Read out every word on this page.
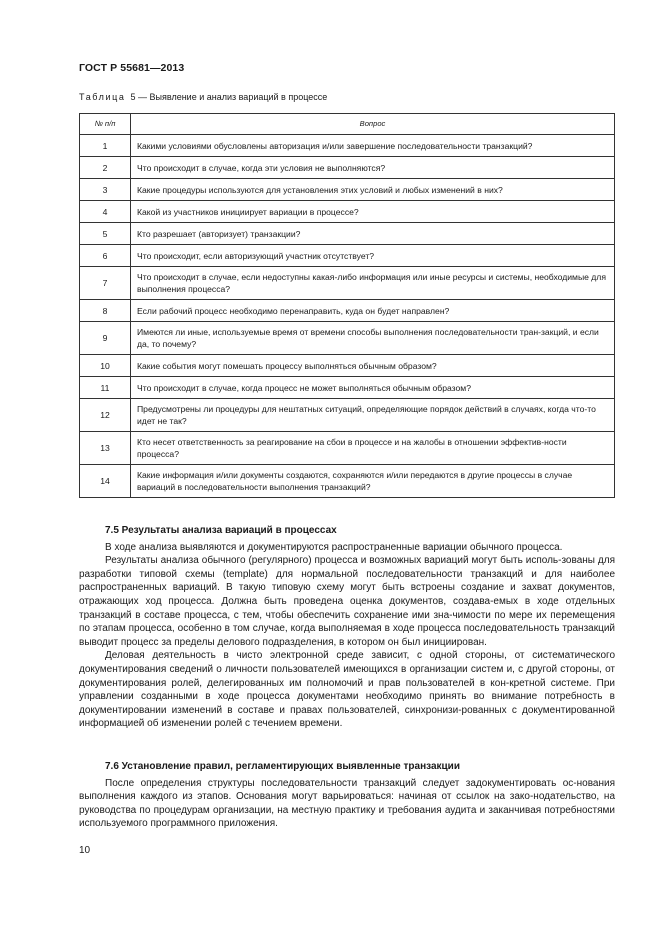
ГОСТ Р 55681—2013
Таблица 5 — Выявление и анализ вариаций в процессе
№ п/п	Вопрос
1	Какими условиями обусловлены авторизация и/или завершение последовательности транзакций?
2	Что происходит в случае, когда эти условия не выполняются?
3	Какие процедуры используются для установления этих условий и любых изменений в них?
4	Какой из участников инициирует вариации в процессе?
5	Кто разрешает (авторизует) транзакции?
6	Что происходит, если авторизующий участник отсутствует?
7	Что происходит в случае, если недоступны какая-либо информация или иные ресурсы и системы, необходимые для выполнения процесса?
8	Если рабочий процесс необходимо перенаправить, куда он будет направлен?
9	Имеются ли иные, используемые время от времени способы выполнения последовательности тран-закций, и если да, то почему?
10	Какие события могут помешать процессу выполняться обычным образом?
11	Что происходит в случае, когда процесс не может выполняться обычным образом?
12	Предусмотрены ли процедуры для нештатных ситуаций, определяющие порядок действий в случаях, когда что-то идет не так?
13	Кто несет ответственность за реагирование на сбои в процессе и на жалобы в отношении эффектив-ности процесса?
14	Какие информация и/или документы создаются, сохраняются и/или передаются в другие процессы в случае вариаций в последовательности выполнения транзакций?
7.5 Результаты анализа вариаций в процессах

В ходе анализа выявляются и документируются распространенные вариации обычного процесса.

Результаты анализа обычного (регулярного) процесса и возможных вариаций могут быть исполь-зованы для разработки типовой схемы (template) для нормальной последовательности транзакций и для наиболее распространенных вариаций. В такую типовую схему могут быть встроены создание и захват документов, отражающих ход процесса. Должна быть проведена оценка документов, создава-емых в ходе отдельных транзакций в составе процесса, с тем, чтобы обеспечить сохранение ими зна-чимости по мере их перемещения по этапам процесса, особенно в том случае, когда выполняемая в ходе процесса последовательность транзакций выводит процесс за пределы делового подразделения, в котором он был инициирован.

Деловая деятельность в чисто электронной среде зависит, с одной стороны, от систематического документирования сведений о личности пользователей имеющихся в организации систем и, с другой стороны, от документирования ролей, делегированных им полномочий и прав пользователей в кон-кретной системе. При управлении созданными в ходе процесса документами необходимо принять во внимание потребность в документировании изменений в составе и правах пользователей, синхронизи-рованных с документированной информацией об изменении ролей с течением времени.

7.6 Установление правил, регламентирующих выявленные транзакции

После определения структуры последовательности транзакций следует задокументировать ос-нования выполнения каждого из этапов. Основания могут варьироваться: начиная от ссылок на зако-нодательство, на руководства по процедурам организации, на местную практику и требования аудита и заканчивая потребностями используемого программного приложения.

10
